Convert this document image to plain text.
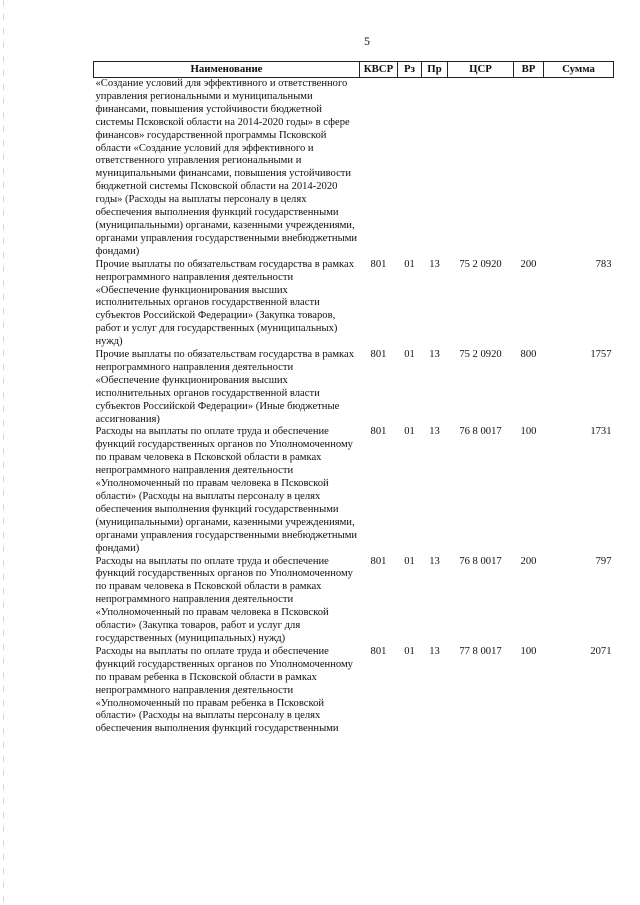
5
Наименование	КВСР	Рз	Пр	ЦСР	ВР	Сумма
«Создание условий для эффективного и ответственного управления региональными и муниципальными финансами, повышения устойчивости бюджетной системы Псковской области на 2014-2020 годы» в сфере финансов» государственной программы Псковской области «Создание условий для эффективного и ответственного управления региональными и муниципальными финансами, повышения устойчивости бюджетной системы Псковской области на 2014-2020 годы» (Расходы на выплаты персоналу в целях обеспечения выполнения функций государственными (муниципальными) органами, казенными учреждениями, органами управления государственными внебюджетными фондами)						
Прочие выплаты по обязательствам государства в рамках непрограммного направления деятельности «Обеспечение функционирования высших исполнительных органов государственной власти субъектов Российской Федерации» (Закупка товаров, работ и услуг для государственных (муниципальных) нужд)	801	01	13	75 2 0920	200	783
Прочие выплаты по обязательствам государства в рамках непрограммного направления деятельности «Обеспечение функционирования высших исполнительных органов государственной власти субъектов Российской Федерации» (Иные бюджетные ассигнования)	801	01	13	75 2 0920	800	1757
Расходы на выплаты по оплате труда и обеспечение функций государственных органов по Уполномоченному по правам человека в Псковской области в рамках непрограммного направления деятельности «Уполномоченный по правам человека в Псковской области» (Расходы на выплаты персоналу в целях обеспечения выполнения функций государственными (муниципальными) органами, казенными учреждениями, органами управления государственными внебюджетными фондами)	801	01	13	76 8 0017	100	1731
Расходы на выплаты по оплате труда и обеспечение функций государственных органов по Уполномоченному по правам человека в Псковской области в рамках непрограммного направления деятельности «Уполномоченный по правам человека в Псковской области» (Закупка товаров, работ и услуг для государственных (муниципальных) нужд)	801	01	13	76 8 0017	200	797
Расходы на выплаты по оплате труда и обеспечение функций государственных органов по Уполномоченному по правам ребенка в Псковской области в рамках непрограммного направления деятельности «Уполномоченный по правам ребенка в Псковской области» (Расходы на выплаты персоналу в целях обеспечения выполнения функций государственными	801	01	13	77 8 0017	100	2071
